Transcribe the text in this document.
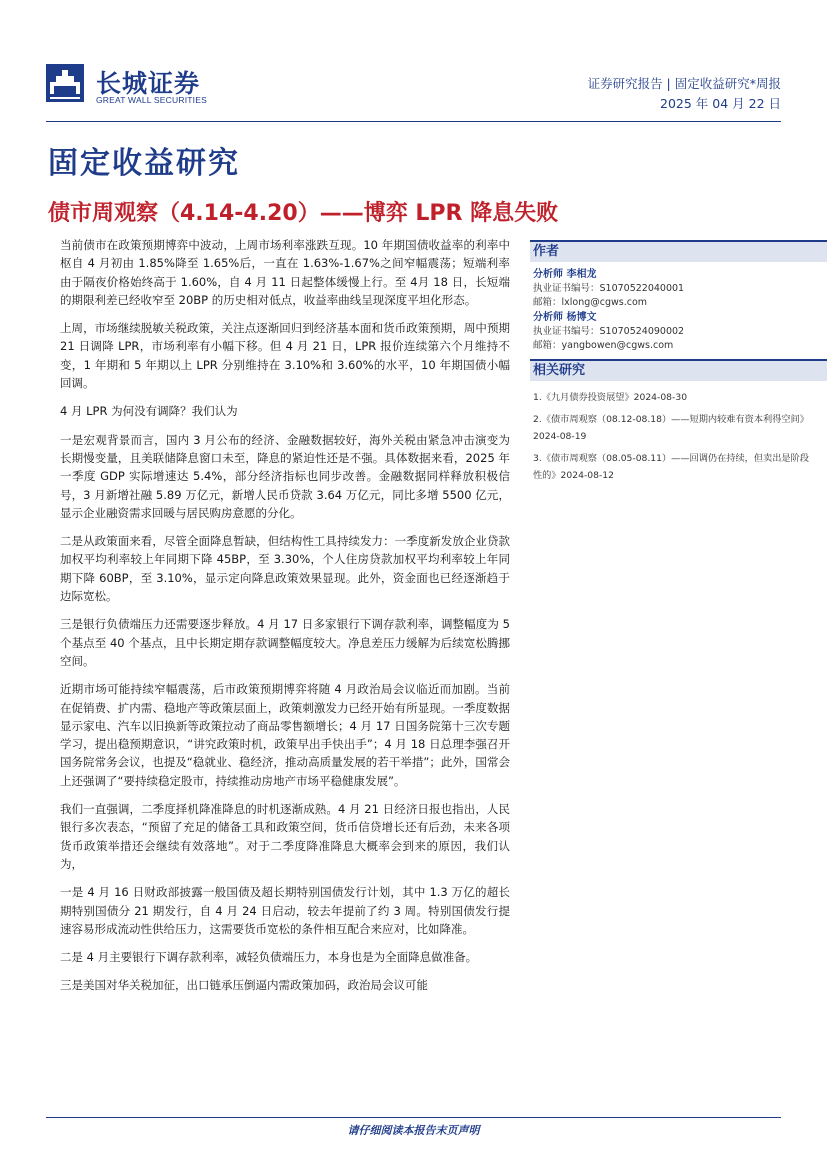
长城证券
GREAT WALL SECURITIES
证券研究报告 | 固定收益研究*周报
2025 年 04 月 22 日
固定收益研究
债市周观察（4.14-4.20）——博弈 LPR 降息失败

当前债市在政策预期博弈中波动，上周市场利率涨跌互现。10 年期国债收益率的利率中枢自 4 月初由 1.85%降至 1.65%后，一直在 1.63%-1.67%之间窄幅震荡；短端利率由于隔夜价格始终高于 1.60%，自 4 月 11 日起整体缓慢上行。至 4月 18 日，长短端的期限利差已经收窄至 20BP 的历史相对低点，收益率曲线呈现深度平坦化形态。

上周，市场继续脱敏关税政策，关注点逐渐回归到经济基本面和货币政策预期，周中预期 21 日调降 LPR，市场利率有小幅下移。但 4 月 21 日，LPR 报价连续第六个月维持不变，1 年期和 5 年期以上 LPR 分别维持在 3.10%和 3.60%的水平，10 年期国债小幅回调。

4 月 LPR 为何没有调降？我们认为

一是宏观背景而言，国内 3 月公布的经济、金融数据较好，海外关税由紧急冲击演变为长期慢变量，且美联储降息窗口未至，降息的紧迫性还是不强。具体数据来看，2025 年一季度 GDP 实际增速达 5.4%，部分经济指标也同步改善。金融数据同样释放积极信号，3 月新增社融 5.89 万亿元，新增人民币贷款 3.64 万亿元，同比多增 5500 亿元，显示企业融资需求回暖与居民购房意愿的分化。

二是从政策面来看，尽管全面降息暂缺，但结构性工具持续发力：一季度新发放企业贷款加权平均利率较上年同期下降 45BP，至 3.30%，个人住房贷款加权平均利率较上年同期下降 60BP，至 3.10%，显示定向降息政策效果显现。此外，资金面也已经逐渐趋于边际宽松。

三是银行负债端压力还需要逐步释放。4 月 17 日多家银行下调存款利率，调整幅度为 5 个基点至 40 个基点，且中长期定期存款调整幅度较大。净息差压力缓解为后续宽松腾挪空间。

近期市场可能持续窄幅震荡，后市政策预期博弈将随 4 月政治局会议临近而加剧。当前在促销费、扩内需、稳地产等政策层面上，政策刺激发力已经开始有所显现。一季度数据显示家电、汽车以旧换新等政策拉动了商品零售额增长；4 月 17 日国务院第十三次专题学习，提出稳预期意识，“讲究政策时机，政策早出手快出手”；4 月 18 日总理李强召开国务院常务会议，也提及“稳就业、稳经济，推动高质量发展的若干举措”；此外，国常会上还强调了“要持续稳定股市，持续推动房地产市场平稳健康发展”。

我们一直强调，二季度择机降准降息的时机逐渐成熟。4 月 21 日经济日报也指出，人民银行多次表态，“预留了充足的储备工具和政策空间，货币信贷增长还有后劲，未来各项货币政策举措还会继续有效落地”。对于二季度降准降息大概率会到来的原因，我们认为，

一是 4 月 16 日财政部披露一般国债及超长期特别国债发行计划，其中 1.3 万亿的超长期特别国债分 21 期发行，自 4 月 24 日启动，较去年提前了约 3 周。特别国债发行提速容易形成流动性供给压力，这需要货币宽松的条件相互配合来应对，比如降准。

二是 4 月主要银行下调存款利率，减轻负债端压力，本身也是为全面降息做准备。

三是美国对华关税加征，出口链承压倒逼内需政策加码，政治局会议可能

作者
分析师 李相龙
执业证书编号：S1070522040001
邮箱：lxlong@cgws.com
分析师 杨博文
执业证书编号：S1070524090002
邮箱：yangbowen@cgws.com
相关研究
1.《九月债券投资展望》2024-08-30
2.《债市周观察（08.12-08.18）——短期内较难有资本利得空间》2024-08-19
3.《债市周观察（08.05-08.11）——回调仍在持续，但卖出是阶段性的》2024-08-12
请仔细阅读本报告末页声明
